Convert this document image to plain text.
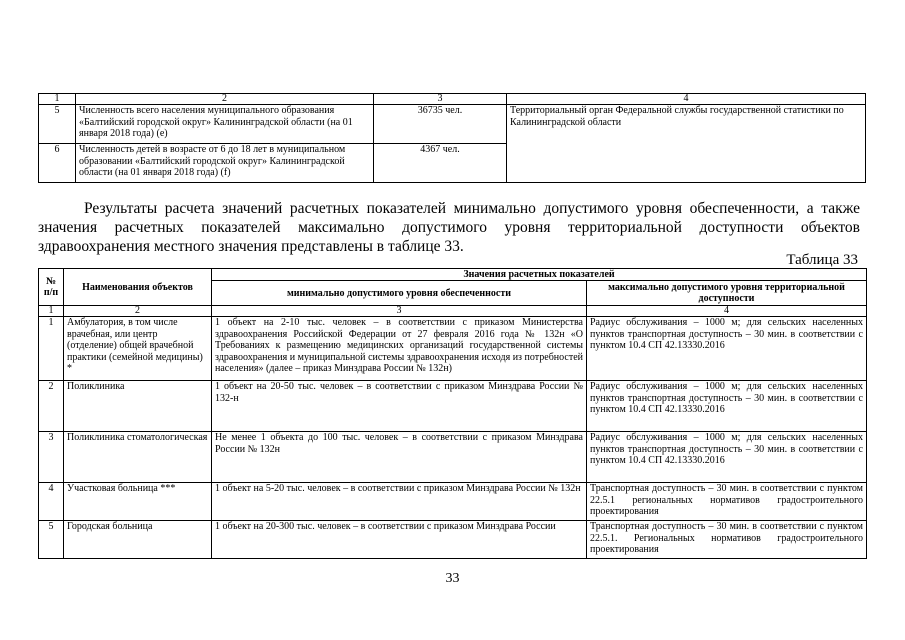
1	2	3	4
5	Численность всего населения муниципального образования «Балтийский городской округ» Калининградской области (на 01 января 2018 года) (e)	36735 чел.	Территориальный орган Федеральной службы государственной статистики по Калининградской области
6	Численность детей в возрасте от 6 до 18 лет в муниципальном образовании «Балтийский городской округ» Калининградской области (на 01 января 2018 года) (f)	4367 чел.	
Результаты расчета значений расчетных показателей минимально допустимого уровня обеспеченности, а также
значения расчетных показателей максимально допустимого уровня территориальной доступности объектов здравоохранения местного значения представлены в таблице 33.
Таблица 33
№ п/п	Наименования объектов	Значения расчетных показателей	
		минимально допустимого уровня обеспеченности	максимально допустимого уровня территориальной доступности
1	2	3	4
1	Амбулатория, в том числе врачебная, или центр (отделение) общей врачебной практики (семейной медицины) *	1 объект на 2-10 тыс. человек – в соответствии с приказом Министерства здравоохранения Российской Федерации от 27 февраля 2016 года № 132н «О Требованиях к размещению медицинских организаций государственной системы здравоохранения и муниципальной системы здравоохранения исходя из потребностей населения» (далее – приказ Минздрава России № 132н)	Радиус обслуживания – 1000 м; для сельских населенных пунктов транспортная доступность – 30 мин. в соответствии с пунктом 10.4 СП 42.13330.2016
2	Поликлиника	1 объект на 20-50 тыс. человек – в соответствии с приказом Минздрава России № 132-н	Радиус обслуживания – 1000 м; для сельских населенных пунктов транспортная доступность – 30 мин. в соответствии с пунктом 10.4 СП 42.13330.2016
3	Поликлиника стоматологическая	Не менее 1 объекта до 100 тыс. человек – в соответствии с приказом Минздрава России № 132н	Радиус обслуживания – 1000 м; для сельских населенных пунктов транспортная доступность – 30 мин. в соответствии с пунктом 10.4 СП 42.13330.2016
4	Участковая больница ***	1 объект на 5-20 тыс. человек – в соответствии с приказом Минздрава России № 132н	Транспортная доступность – 30 мин. в соответствии с пунктом 22.5.1 региональных нормативов градостроительного проектирования
5	Городская больница	1 объект на 20-300 тыс. человек – в соответствии с приказом Минздрава России	Транспортная доступность – 30 мин. в соответствии с пунктом 22.5.1. Региональных нормативов градостроительного проектирования
33
